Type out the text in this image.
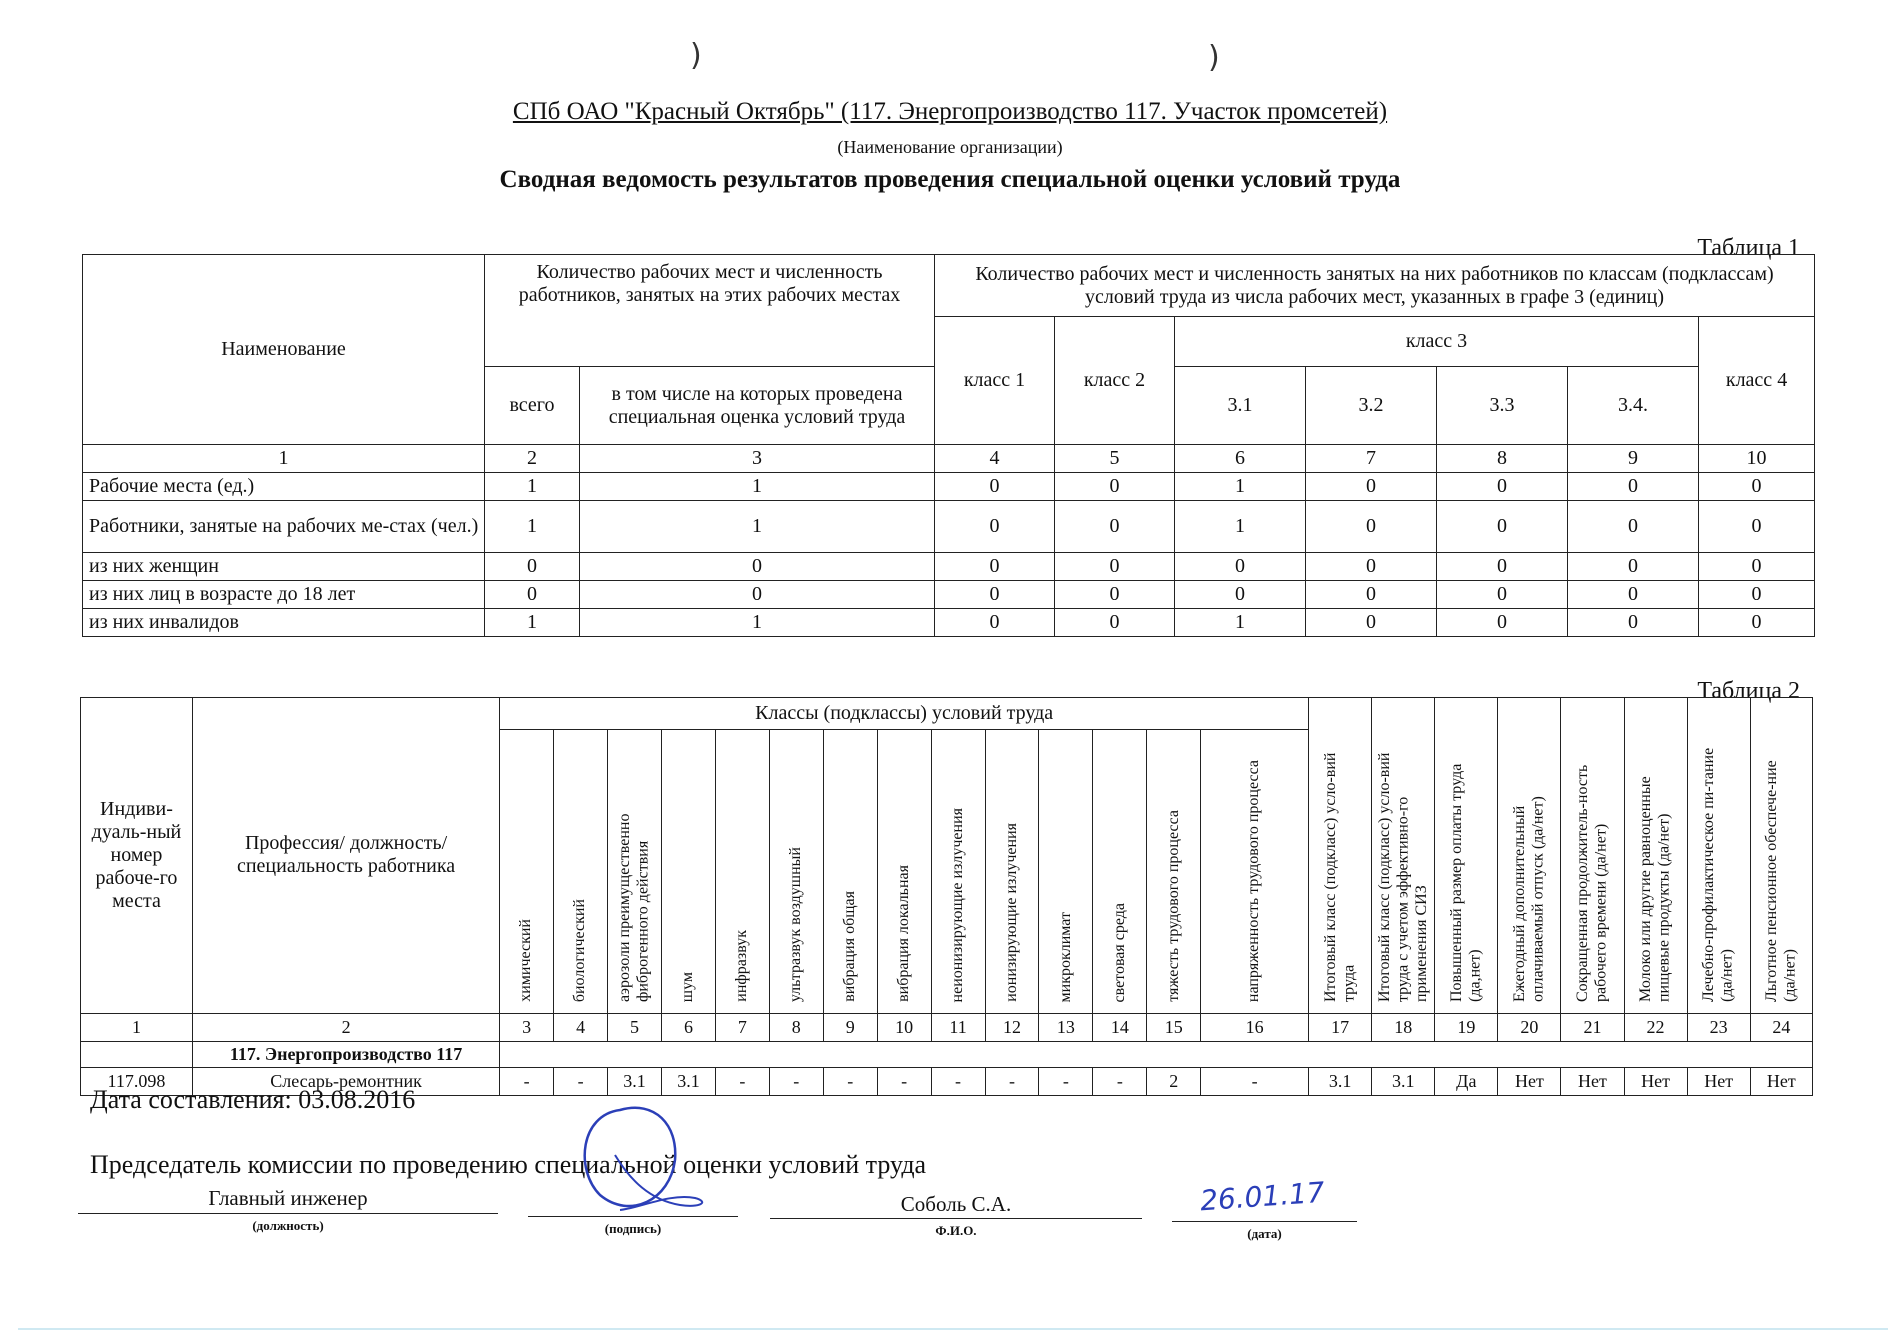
)	)
СПб ОАО "Красный Октябрь" (117. Энергопроизводство 117. Участок промсетей)
(Наименование организации)
Сводная ведомость результатов проведения специальной оценки условий труда
Таблица 1
Наименование	Количество рабочих мест и численность работников, занятых на этих рабочих местах		Количество рабочих мест и численность занятых на них работников по классам (подклассам) условий труда из числа рабочих мест, указанных в графе 3 (единиц)						
			класс 1	класс 2	класс 3				класс 4
	всего	в том числе на которых проведена специальная оценка условий труда			3.1	3.2	3.3	3.4.	
1	2	3	4	5	6	7	8	9	10
Рабочие места (ед.)	1	1	0	0	1	0	0	0	0
Работники, занятые на рабочих ме-стах (чел.)	1	1	0	0	1	0	0	0	0
из них женщин	0	0	0	0	0	0	0	0	0
из них лиц в возрасте до 18 лет	0	0	0	0	0	0	0	0	0
из них инвалидов	1	1	0	0	1	0	0	0	0
Таблица 2
Индиви-дуаль-ный номер рабоче-го места	Профессия/ должность/ специальность работника	Классы (подклассы) условий труда														Итоговый класс (подкласс) усло-вий труда	Итоговый класс (подкласс) усло-вий труда с учетом эффективно-го применения СИЗ	Повышенный размер оплаты труда (да,нет)	Ежегодный дополнительный оплачиваемый отпуск (да/нет)	Сокращенная продолжитель-ность рабочего времени (да/нет)	Молоко или другие равноценные пищевые продукты (да/нет)	Лечебно-профилактическое пи-тание (да/нет)	Льготное пенсионное обеспече-ние (да/нет)
		химический	биологический	аэрозоли преимущественно фиброгенного действия	шум	инфразвук	ультразвук воздушный	вибрация общая	вибрация локальная	неионизирующие излучения	ионизирующие излучения	микроклимат	световая среда	тяжесть трудового процесса	напряженность трудового процесса								
1	2	3	4	5	6	7	8	9	10	11	12	13	14	15	16	17	18	19	20	21	22	23	24
	117. Энергопроизводство 117																						
117.098	Слесарь-ремонтник	-	-	3.1	3.1	-	-	-	-	-	-	-	-	2	-	3.1	3.1	Да	Нет	Нет	Нет	Нет	Нет
Дата составления: 03.08.2016
Председатель комиссии по проведению специальной оценки условий труда
Главный инженер
(должность)	(подпись)
Соболь С.А.
Ф.И.О.
26.01.17
(дата)
